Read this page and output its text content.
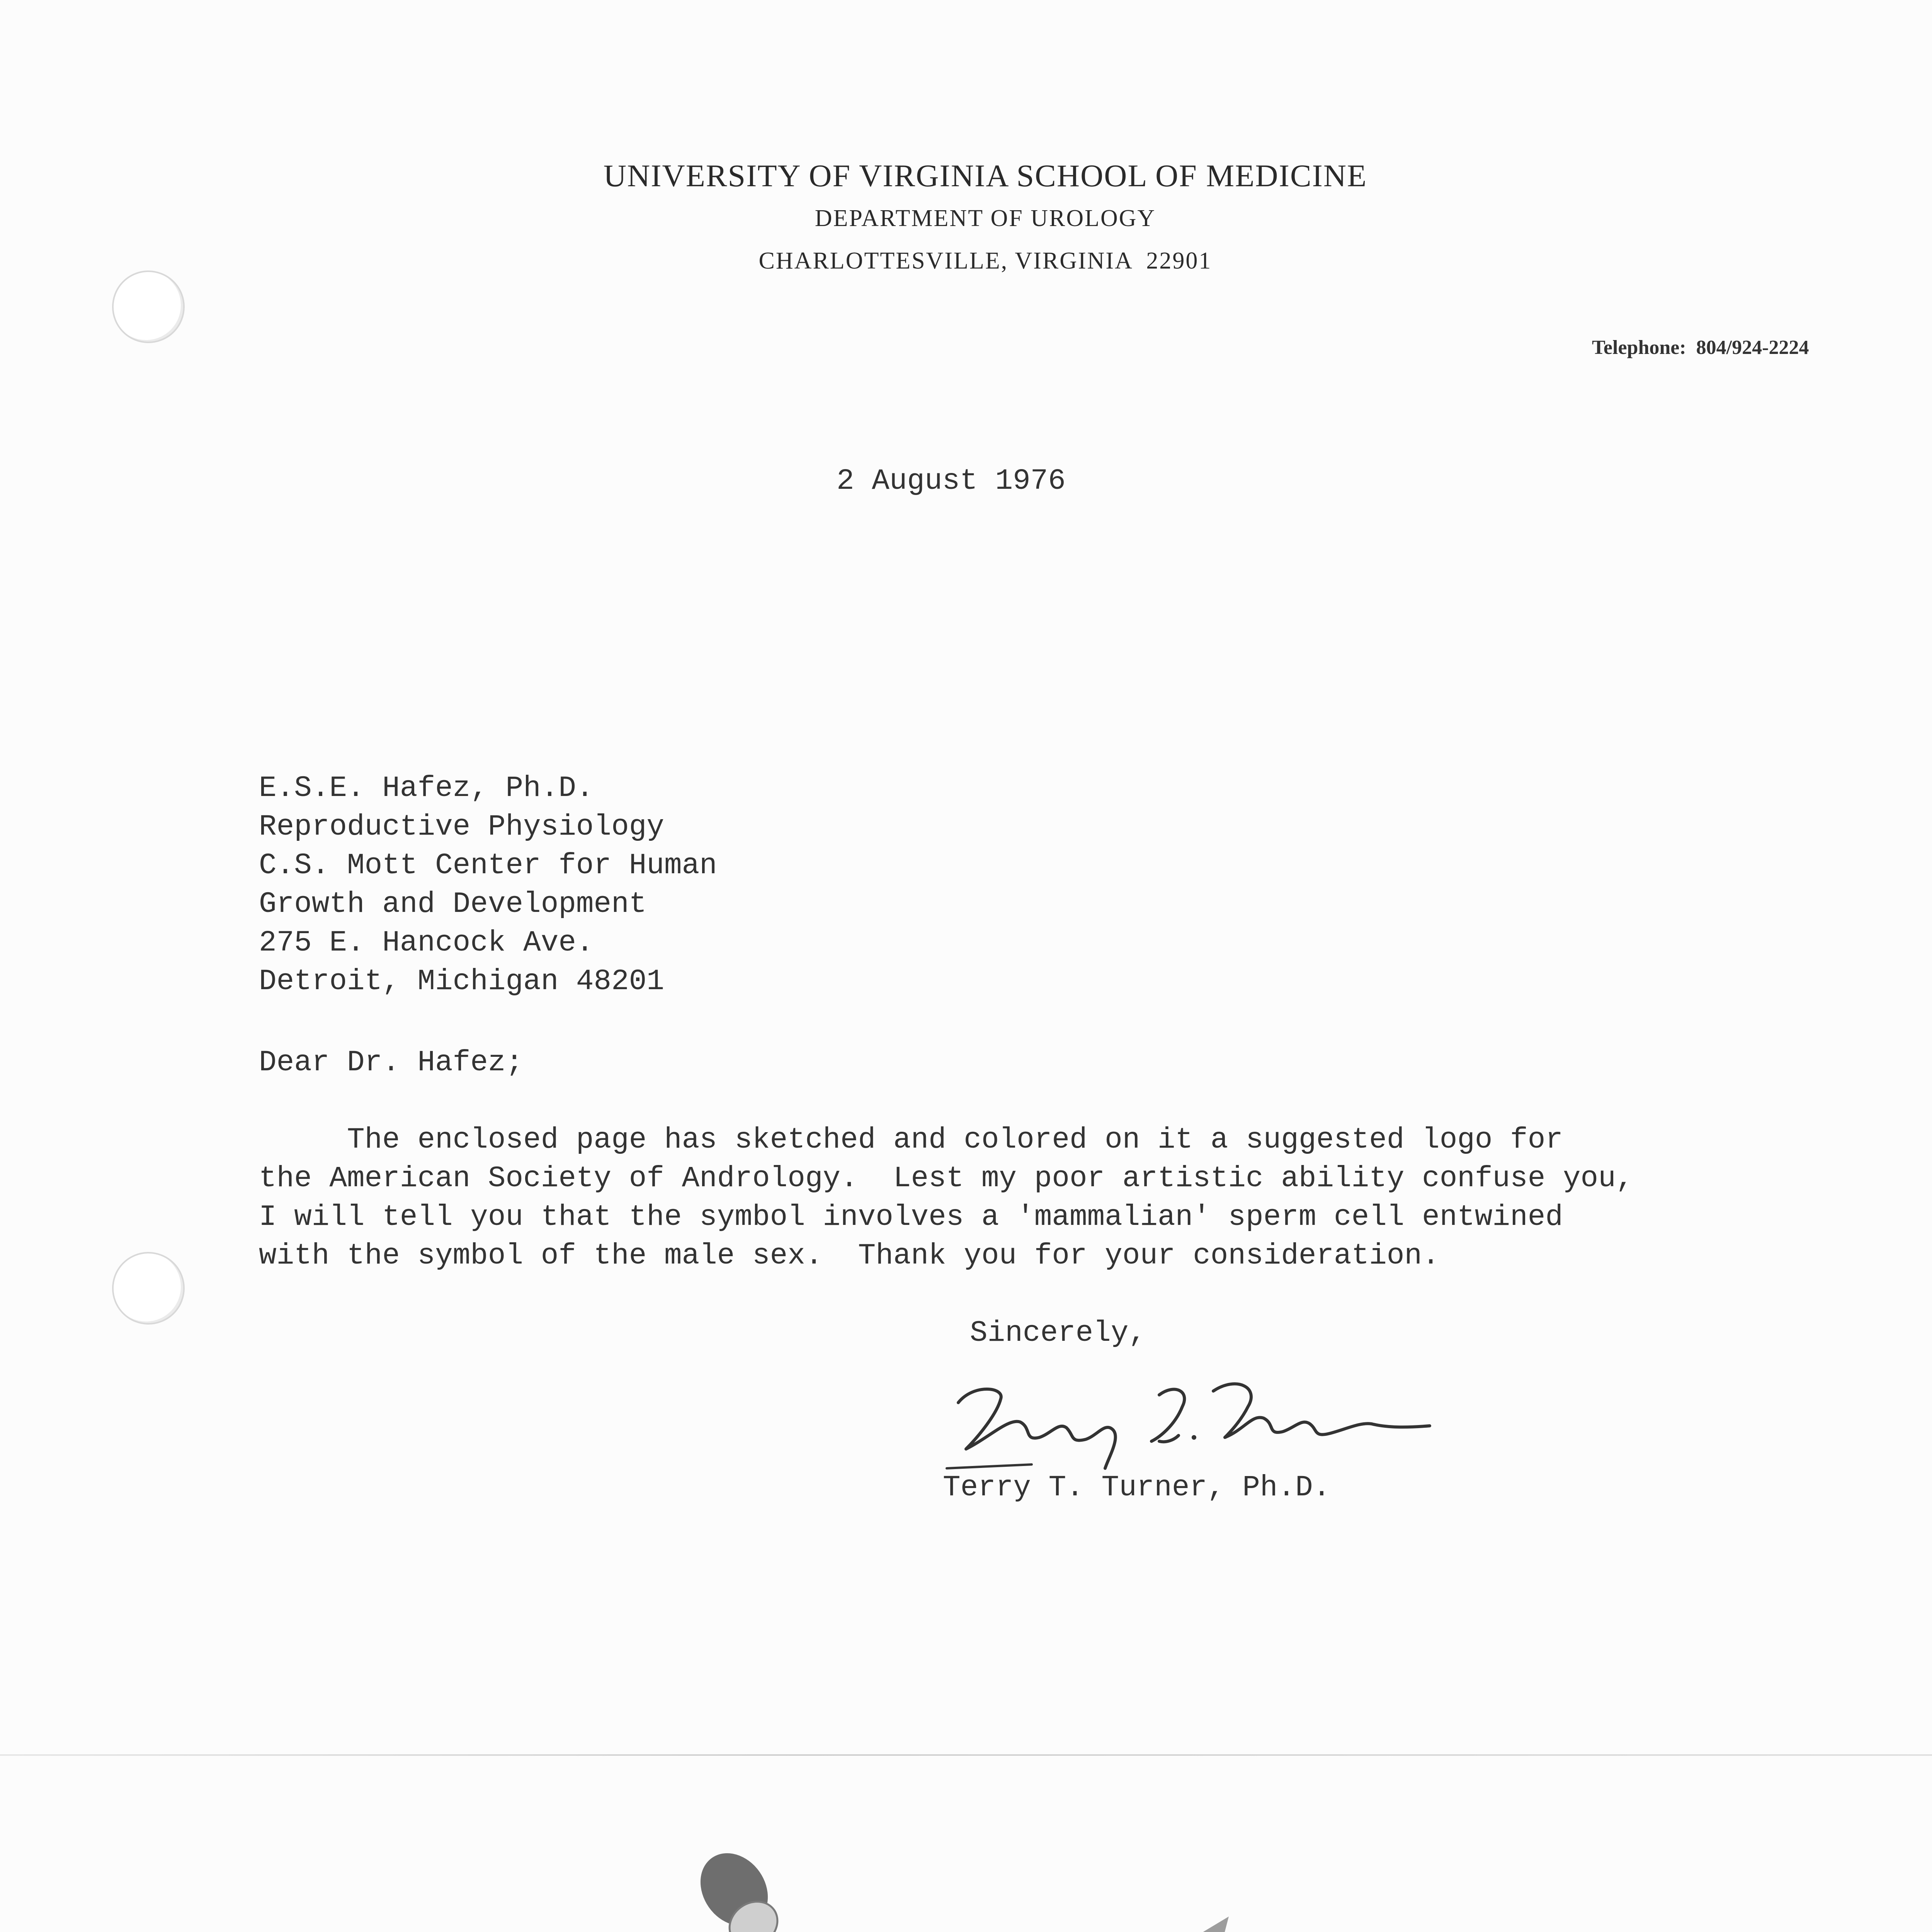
UNIVERSITY OF VIRGINIA SCHOOL OF MEDICINE
DEPARTMENT OF UROLOGY
CHARLOTTESVILLE, VIRGINIA  22901
Telephone:  804/924-2224
2 August 1976
E.S.E. Hafez, Ph.D.
Reproductive Physiology
C.S. Mott Center for Human
Growth and Development
275 E. Hancock Ave.
Detroit, Michigan 48201
Dear Dr. Hafez;
The enclosed page has sketched and colored on it a suggested logo for
the American Society of Andrology.  Lest my poor artistic ability confuse you,
I will tell you that the symbol involves a 'mammalian' sperm cell entwined
with the symbol of the male sex.  Thank you for your consideration.
Sincerely,
Terry T. Turner, Ph.D.
